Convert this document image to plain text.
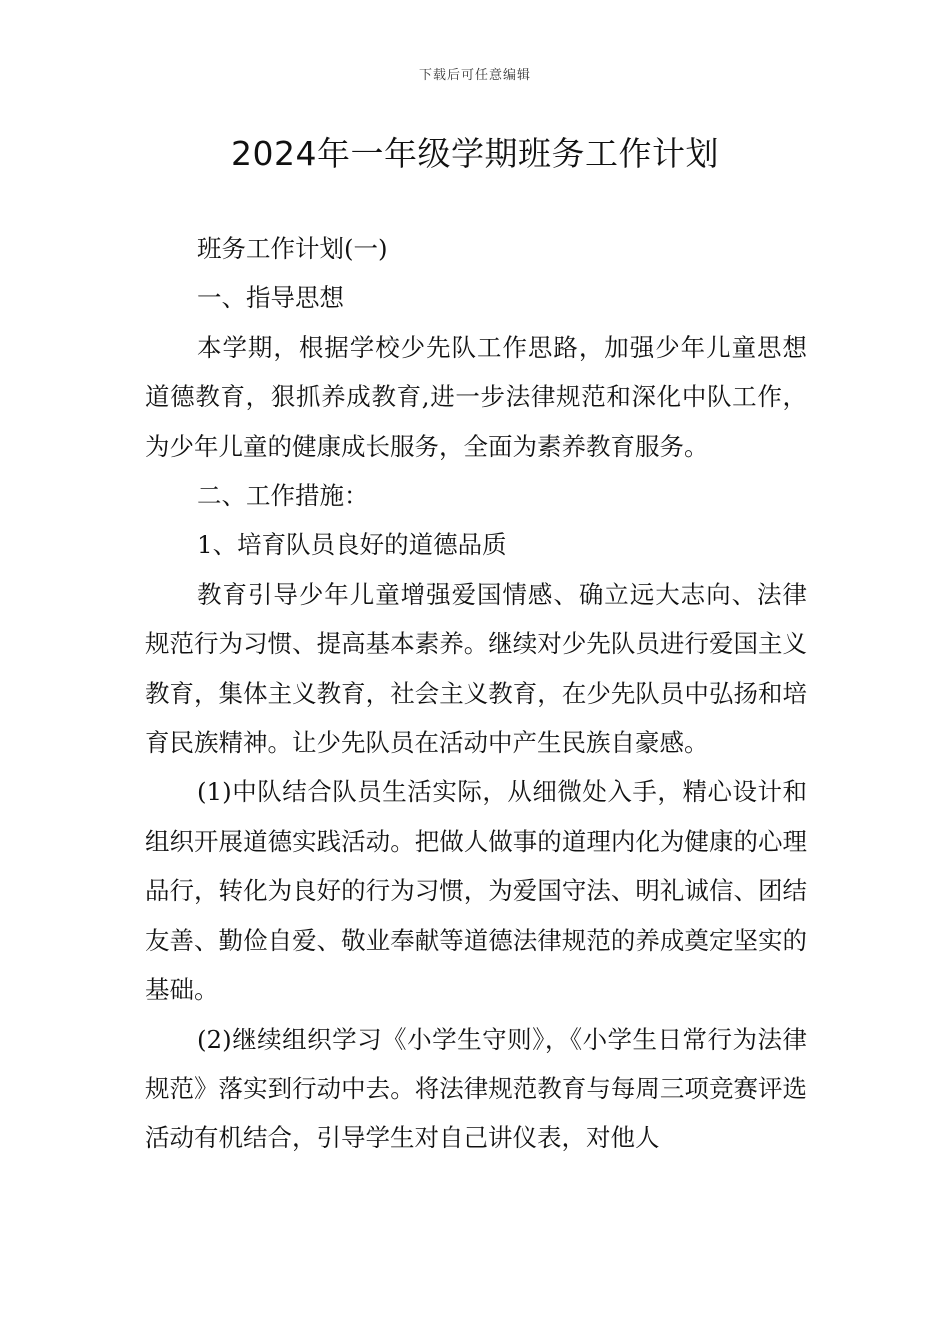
下载后可任意编辑
2024年一年级学期班务工作计划

班务工作计划(一)

一、指导思想

本学期，根据学校少先队工作思路，加强少年儿童思想道德教育，狠抓养成教育,进一步法律规范和深化中队工作，为少年儿童的健康成长服务，全面为素养教育服务。

二、工作措施：

1、培育队员良好的道德品质

教育引导少年儿童增强爱国情感、确立远大志向、法律规范行为习惯、提高基本素养。继续对少先队员进行爱国主义教育，集体主义教育，社会主义教育，在少先队员中弘扬和培育民族精神。让少先队员在活动中产生民族自豪感。

(1)中队结合队员生活实际，从细微处入手，精心设计和组织开展道德实践活动。把做人做事的道理内化为健康的心理品行，转化为良好的行为习惯，为爱国守法、明礼诚信、团结友善、勤俭自爱、敬业奉献等道德法律规范的养成奠定坚实的基础。

(2)继续组织学习《小学生守则》，《小学生日常行为法律规范》落实到行动中去。将法律规范教育与每周三项竞赛评选活动有机结合，引导学生对自己讲仪表，对他人
